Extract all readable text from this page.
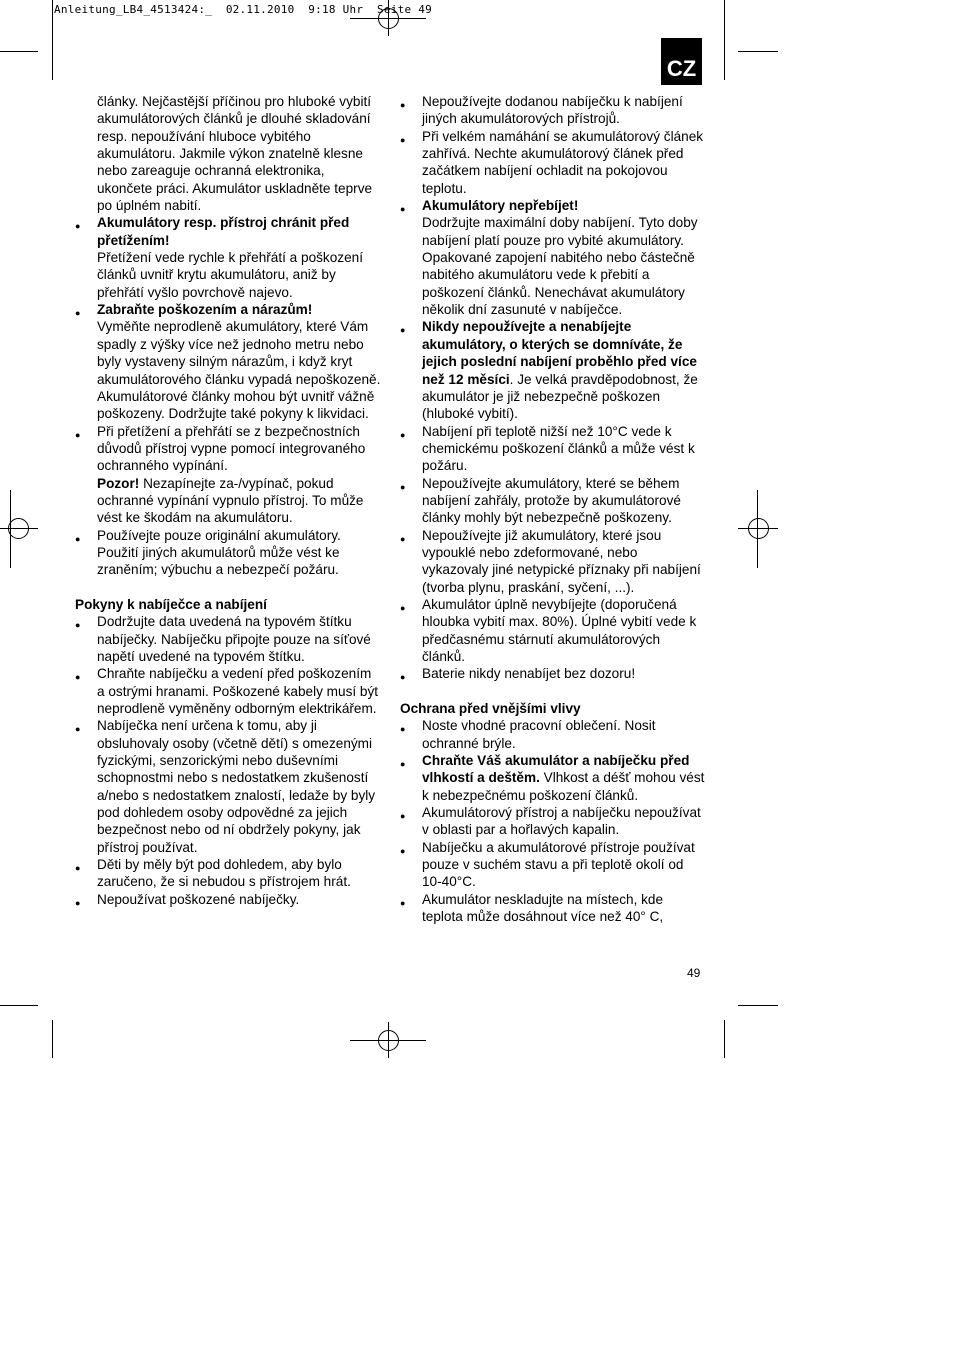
Anleitung_LB4_4513424:_  02.11.2010  9:18 Uhr  Seite 49
CZ
články. Nejčastější příčinou pro hluboké vybití akumulátorových článků je dlouhé skladování resp. nepoužívání hluboce vybitého akumulátoru. Jakmile výkon znatelně klesne nebo zareaguje ochranná elektronika, ukončete práci. Akumulátor uskladněte teprve po úplném nabití.
●
Akumulátory resp. přístroj chránit před přetížením!
Přetížení vede rychle k přehřátí a poškození článků uvnitř krytu akumulátoru, aniž by přehřátí vyšlo povrchově najevo.
●
Zabraňte poškozením a nárazům!
Vyměňte neprodleně akumulátory, které Vám spadly z výšky více než jednoho metru nebo byly vystaveny silným nárazům, i když kryt akumulátorového článku vypadá nepoškozeně. Akumulátorové články mohou být uvnitř vážně poškozeny. Dodržujte také pokyny k likvidaci.
●
Při přetížení a přehřátí se z bezpečnostních důvodů přístroj vypne pomocí integrovaného ochranného vypínání.
Pozor! Nezapínejte za-/vypínač, pokud ochranné vypínání vypnulo přístroj. To může vést ke škodám na akumulátoru.
●
Používejte pouze originální akumulátory. Použití jiných akumulátorů může vést ke zraněním; výbuchu a nebezpečí požáru.
Pokyny k nabíječce a nabíjení
●
Dodržujte data uvedená na typovém štítku nabíječky. Nabíječku připojte pouze na síťové napětí uvedené na typovém štítku.
●
Chraňte nabíječku a vedení před poškozením a ostrými hranami. Poškozené kabely musí být neprodleně vyměněny odborným elektrikářem.
●
Nabíječka není určena k tomu, aby ji obsluhovaly osoby (včetně dětí) s omezenými fyzickými, senzorickými nebo duševními schopnostmi nebo s nedostatkem zkušeností a/nebo s nedostatkem znalostí, ledaže by byly pod dohledem osoby odpovědné za jejich bezpečnost nebo od ní obdržely pokyny, jak přístroj používat.
●
Děti by měly být pod dohledem, aby bylo zaručeno, že si nebudou s přístrojem hrát.
●
Nepoužívat poškozené nabíječky.
●
Nepoužívejte dodanou nabíječku k nabíjení jiných akumulátorových přístrojů.
●
Při velkém namáhání se akumulátorový článek zahřívá. Nechte akumulátorový článek před začátkem nabíjení ochladit na pokojovou teplotu.
●
Akumulátory nepřebíjet!
Dodržujte maximální doby nabíjení. Tyto doby nabíjení platí pouze pro vybité akumulátory. Opakované zapojení nabitého nebo částečně nabitého akumulátoru vede k přebití a poškození článků. Nenechávat akumulátory několik dní zasunuté v nabíječce.
●
Nikdy nepoužívejte a nenabíjejte akumulátory, o kterých se domníváte, že jejich poslední nabíjení proběhlo před více než 12 měsíci. Je velká pravděpodobnost, že akumulátor je již nebezpečně poškozen (hluboké vybití).
●
Nabíjení při teplotě nižší než 10°C vede k chemickému poškození článků a může vést k požáru.
●
Nepoužívejte akumulátory, které se během nabíjení zahřály, protože by akumulátorové články mohly být nebezpečně poškozeny.
●
Nepoužívejte již akumulátory, které jsou vypouklé nebo zdeformované, nebo vykazovaly jiné netypické příznaky při nabíjení (tvorba plynu, praskání, syčení, ...).
●
Akumulátor úplně nevybíjejte (doporučená hloubka vybití max. 80%). Úplné vybití vede k předčasnému stárnutí akumulátorových článků.
●
Baterie nikdy nenabíjet bez dozoru!
Ochrana před vnějšími vlivy
●
Noste vhodné pracovní oblečení. Nosit ochranné brýle.
●
Chraňte Váš akumulátor a nabíječku před vlhkostí a deštěm. Vlhkost a déšť mohou vést k nebezpečnému poškození článků.
●
Akumulátorový přístroj a nabíječku nepoužívat v oblasti par a hořlavých kapalin.
●
Nabíječku a akumulátorové přístroje používat pouze v suchém stavu a při teplotě okolí od 10-40°C.
●
Akumulátor neskladujte na místech, kde teplota může dosáhnout více než 40° C,
49
